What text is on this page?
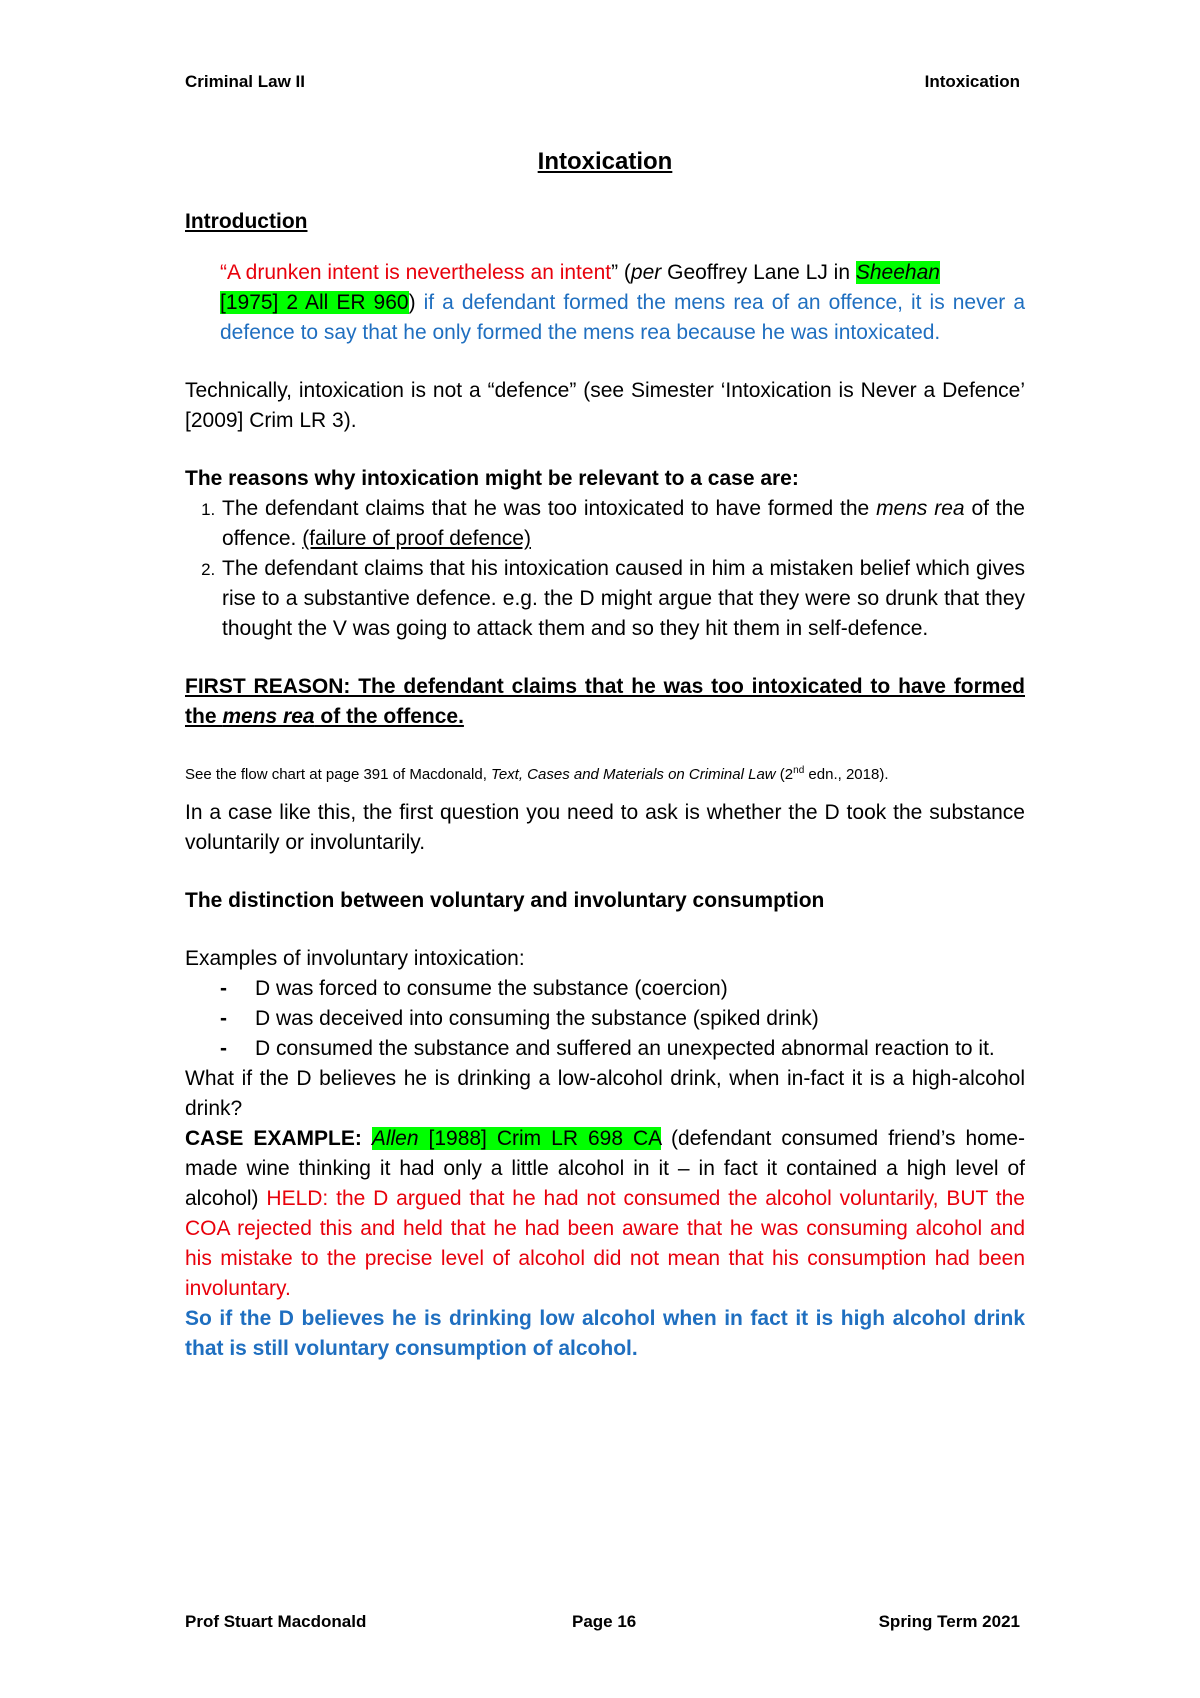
Criminal Law II	Intoxication
Intoxication
Introduction

“A drunken intent is nevertheless an intent” (per Geoffrey Lane LJ in Sheehan
[1975] 2 All ER 960) if a defendant formed the mens rea of an offence, it is never a defence to say that he only formed the mens rea because he was intoxicated.

Technically, intoxication is not a “defence” (see Simester ‘Intoxication is Never a Defence’ [2009] Crim LR 3).

The reasons why intoxication might be relevant to a case are:

1. The defendant claims that he was too intoxicated to have formed the mens rea of the offence. (failure of proof defence)
2. The defendant claims that his intoxication caused in him a mistaken belief which gives rise to a substantive defence. e.g. the D might argue that they were so drunk that they thought the V was going to attack them and so they hit them in self-defence.

FIRST REASON: The defendant claims that he was too intoxicated to have formed the mens rea of the offence.

See the flow chart at page 391 of Macdonald, Text, Cases and Materials on Criminal Law (2nd edn., 2018).

In a case like this, the first question you need to ask is whether the D took the substance voluntarily or involuntarily.

The distinction between voluntary and involuntary consumption

Examples of involuntary intoxication:

- D was forced to consume the substance (coercion)
- D was deceived into consuming the substance (spiked drink)
- D consumed the substance and suffered an unexpected abnormal reaction to it.

What if the D believes he is drinking a low-alcohol drink, when in-fact it is a high-alcohol drink?

CASE EXAMPLE: Allen [1988] Crim LR 698 CA (defendant consumed friend’s home-made wine thinking it had only a little alcohol in it – in fact it contained a high level of alcohol) HELD: the D argued that he had not consumed the alcohol voluntarily, BUT the COA rejected this and held that he had been aware that he was consuming alcohol and his mistake to the precise level of alcohol did not mean that his consumption had been involuntary.

So if the D believes he is drinking low alcohol when in fact it is high alcohol drink that is still voluntary consumption of alcohol.

Prof Stuart Macdonald	Page 16	Spring Term 2021
